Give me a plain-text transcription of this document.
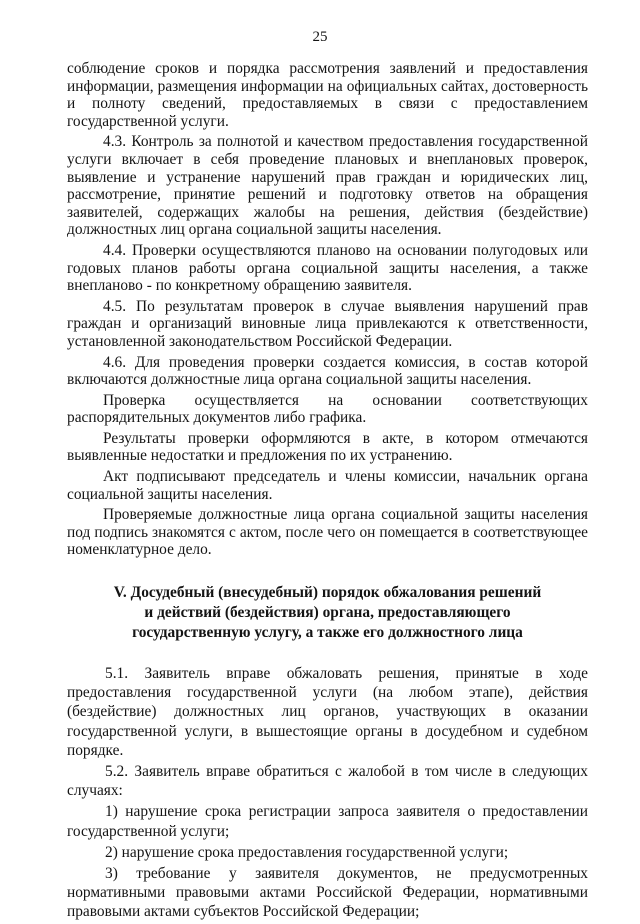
25

соблюдение сроков и порядка рассмотрения заявлений и предоставления информации, размещения информации на официальных сайтах, достоверность и полноту сведений, предоставляемых в связи с предоставлением государственной услуги.

4.3. Контроль за полнотой и качеством предоставления государственной услуги включает в себя проведение плановых и внеплановых проверок, выявление и устранение нарушений прав граждан и юридических лиц, рассмотрение, принятие решений и подготовку ответов на обращения заявителей, содержащих жалобы на решения, действия (бездействие) должностных лиц органа социальной защиты населения.

4.4. Проверки осуществляются планово на основании полугодовых или годовых планов работы органа социальной защиты населения, а также внепланово - по конкретному обращению заявителя.

4.5. По результатам проверок в случае выявления нарушений прав граждан и организаций виновные лица привлекаются к ответственности, установленной законодательством Российской Федерации.

4.6. Для проведения проверки создается комиссия, в состав которой включаются должностные лица органа социальной защиты населения.

Проверка осуществляется на основании соответствующих распорядительных документов либо графика.

Результаты проверки оформляются в акте, в котором отмечаются выявленные недостатки и предложения по их устранению.

Акт подписывают председатель и члены комиссии, начальник органа социальной защиты населения.

Проверяемые должностные лица органа социальной защиты населения под подпись знакомятся с актом, после чего он помещается в соответствующее номенклатурное дело.

V. Досудебный (внесудебный) порядок обжалования решений
и действий (бездействия) органа, предоставляющего
государственную услугу, а также его должностного лица

5.1. Заявитель вправе обжаловать решения, принятые в ходе предоставления государственной услуги (на любом этапе), действия (бездействие) должностных лиц органов, участвующих в оказании государственной услуги, в вышестоящие органы в досудебном и судебном порядке.

5.2. Заявитель вправе обратиться с жалобой в том числе в следующих случаях:

1) нарушение срока регистрации запроса заявителя о предоставлении государственной услуги;

2) нарушение срока предоставления государственной услуги;

3) требование у заявителя документов, не предусмотренных нормативными правовыми актами Российской Федерации, нормативными правовыми актами субъектов Российской Федерации;
